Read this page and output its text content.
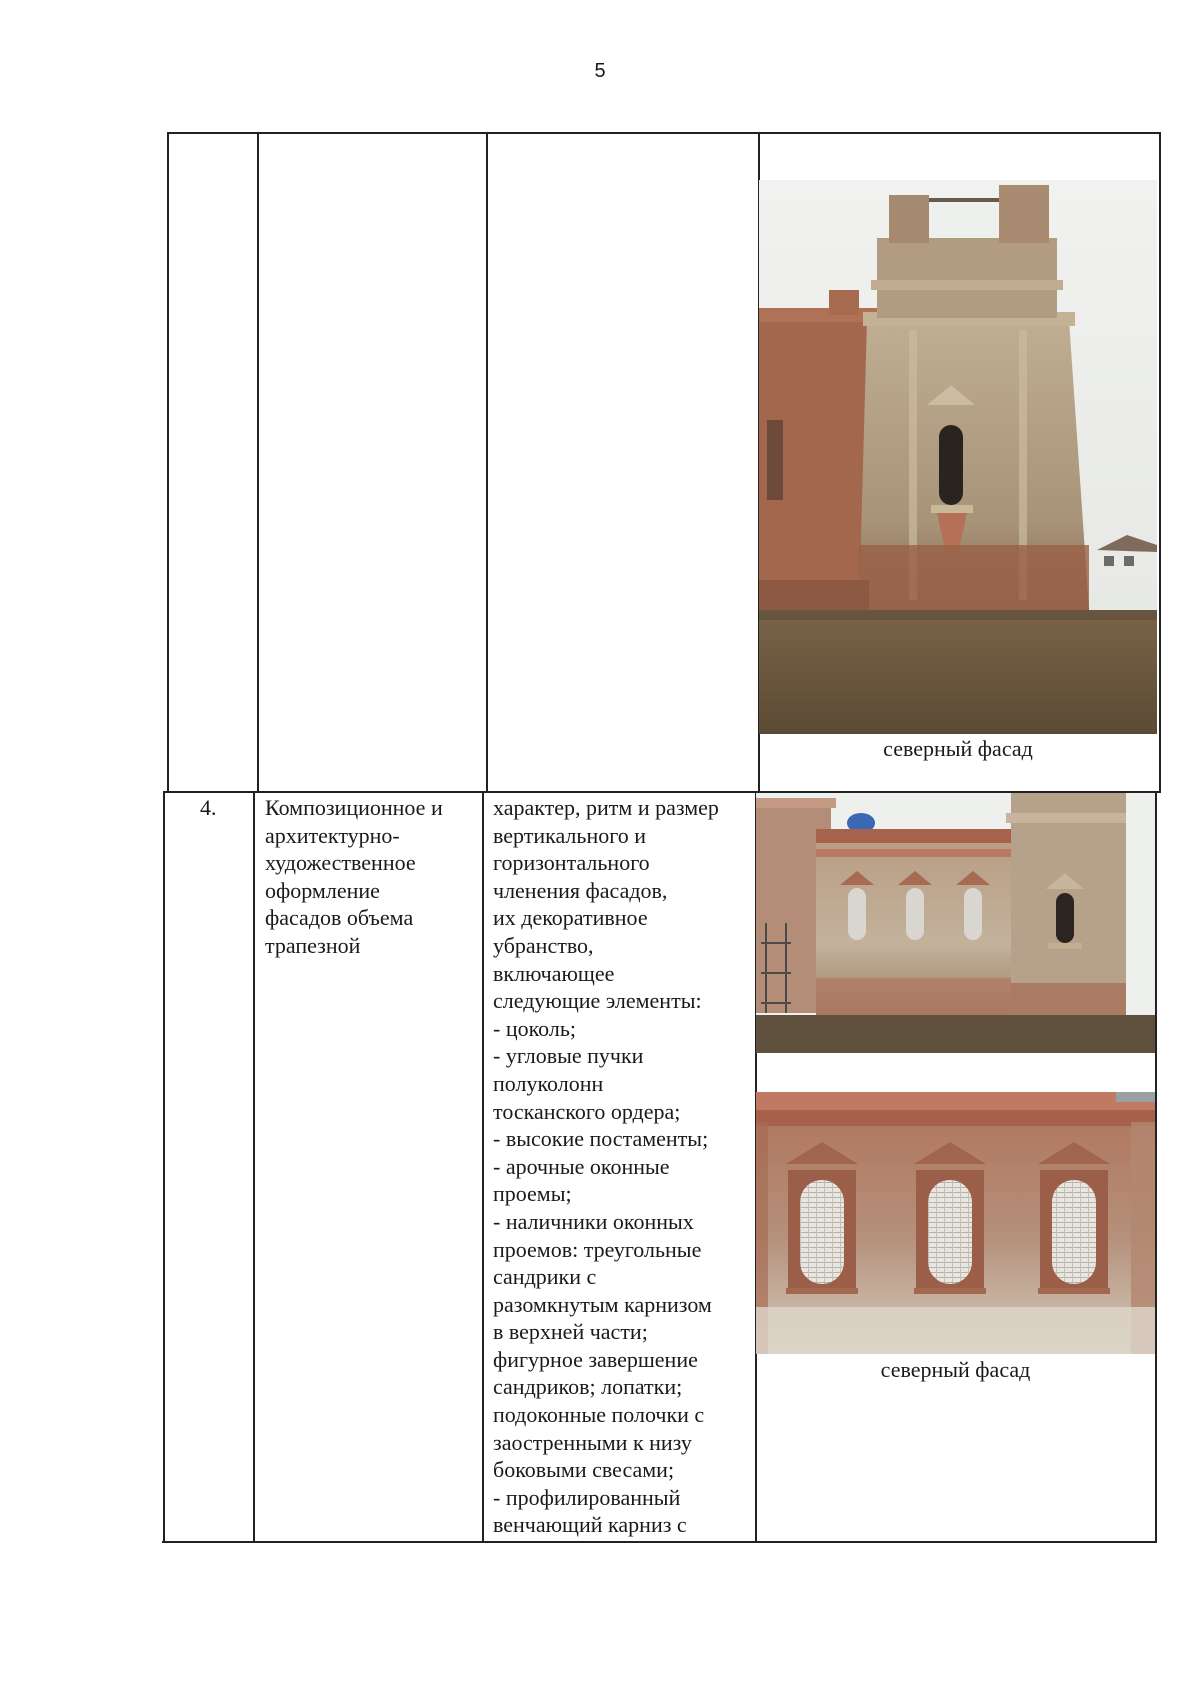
5
северный фасад
4. Композиционное и
архитектурно-
художественное
оформление
фасадов объема
трапезной
характер, ритм и размер
вертикального и
горизонтального
членения фасадов,
их декоративное
убранство,
включающее
следующие элементы:
- цоколь;
- угловые пучки
полуколонн
тосканского ордера;
- высокие постаменты;
- арочные оконные
проемы;
- наличники оконных
проемов: треугольные
сандрики с
разомкнутым карнизом
в верхней части;
фигурное завершение
сандриков; лопатки;
подоконные полочки с
заостренными к низу
боковыми свесами;
- профилированный
венчающий карниз с
северный фасад
